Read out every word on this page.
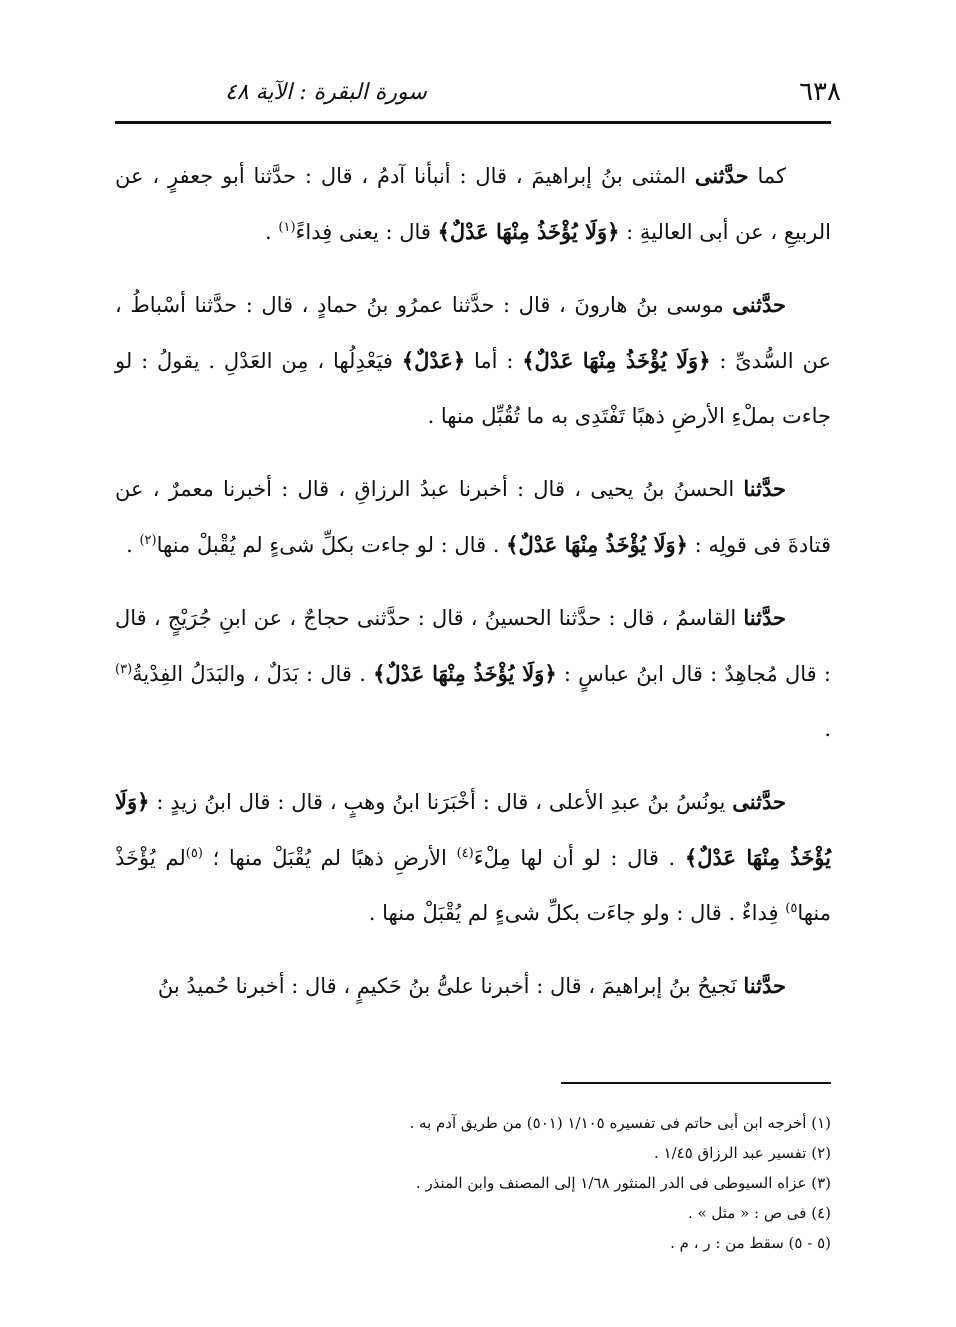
٦٣٨
سورة البقرة : الآية ٤٨

كما حدَّثنى المثنى بنُ إبراهيمَ ، قال : أنبأنا آدمُ ، قال : حدَّثنا أبو جعفرٍ ، عن الربيعِ ، عن أبى العاليةِ : ﴿وَلَا يُؤْخَذُ مِنْهَا عَدْلٌ﴾ قال : يعنى فِداءً$^{(١)}$ .

حدَّثنى موسى بنُ هارونَ ، قال : حدَّثنا عمرُو بنُ حمادٍ ، قال : حدَّثنا أسْباطُ ، عن السُّدىِّ : ﴿وَلَا يُؤْخَذُ مِنْهَا عَدْلٌ﴾ : أما ﴿عَدْلٌ﴾ فيَعْدِلُها ، مِن العَدْلِ . يقولُ : لو جاءت بملْءِ الأرضِ ذهبًا تَفْتَدِى به ما تُقُبِّل منها .

حدَّثنا الحسنُ بنُ يحيى ، قال : أخبرنا عبدُ الرزاقِ ، قال : أخبرنا معمرٌ ، عن قتادةَ فى قولِه : ﴿وَلَا يُؤْخَذُ مِنْهَا عَدْلٌ﴾ . قال : لو جاءت بكلِّ شىءٍ لم يُقْبلْ منها$^{(٢)}$ .

حدَّثنا القاسمُ ، قال : حدَّثنا الحسينُ ، قال : حدَّثنى حجاجٌ ، عن ابنِ جُرَيْجٍ ، قال : قال مُجاهِدٌ : قال ابنُ عباسٍ : ﴿وَلَا يُؤْخَذُ مِنْهَا عَدْلٌ﴾ . قال : بَدَلٌ ، والبَدَلُ الفِدْيةُ$^{(٣)}$ .

حدَّثنى يونُسُ بنُ عبدِ الأعلى ، قال : أخْبَرَنا ابنُ وهبٍ ، قال : قال ابنُ زيدٍ : ﴿وَلَا يُؤْخَذُ مِنْهَا عَدْلٌ﴾ . قال : لو أن لها مِلْءَ$^{(٤)}$ الأرضِ ذهبًا لم يُقْبَلْ منها ؛ $^{(٥)}$لم يُؤْخَذْ منها$^{٥)}$ فِداءٌ . قال : ولو جاءَت بكلِّ شىءٍ لم يُقْبَلْ منها .

حدَّثنا نَجيحُ بنُ إبراهيمَ ، قال : أخبرنا علىُّ بنُ حَكيمٍ ، قال : أخبرنا حُميدُ بنُ

(١) أخرجه ابن أبى حاتم فى تفسيره ١/١٠٥ (٥٠١) من طريق آدم به .

(٢) تفسير عبد الرزاق ١/٤٥ .

(٣) عزاه السيوطى فى الدر المنثور ١/٦٨ إلى المصنف وابن المنذر .

(٤) فى ص : « مثل » .

(٥ - ٥) سقط من : ر ، م .
